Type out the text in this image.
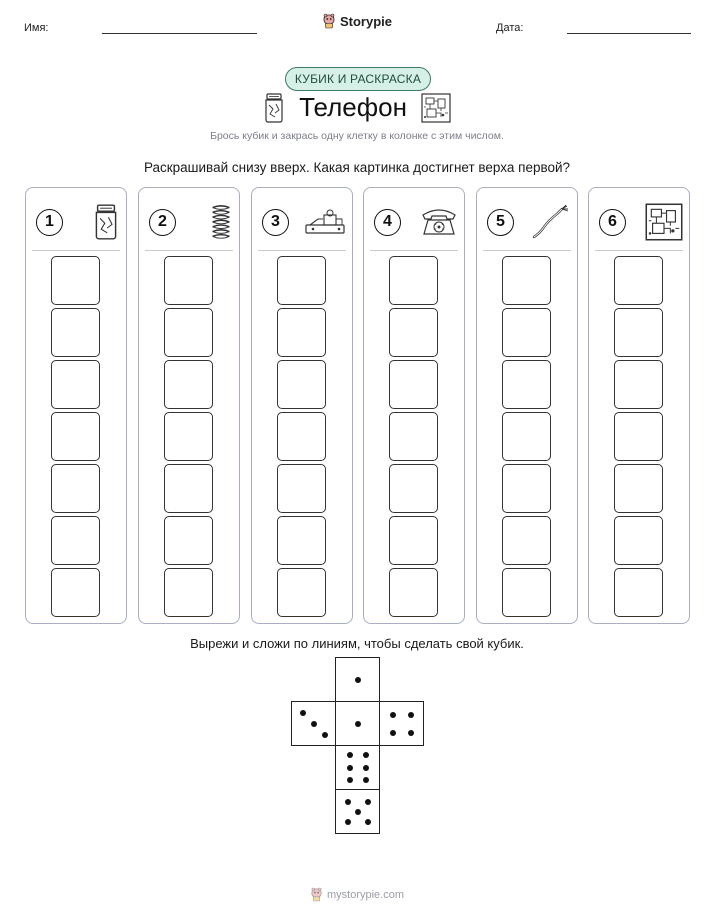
Имя:	Storypie	Дата:
КУБИК И РАСКРАСКА
Телефон
Брось кубик и закрась одну клетку в колонке с этим числом.
Раскрашивай снизу вверх. Какая картинка достигнет верха первой?
1	2	3	4	5	6
Вырежи и сложи по линиям, чтобы сделать свой кубик.
mystorypie.com
